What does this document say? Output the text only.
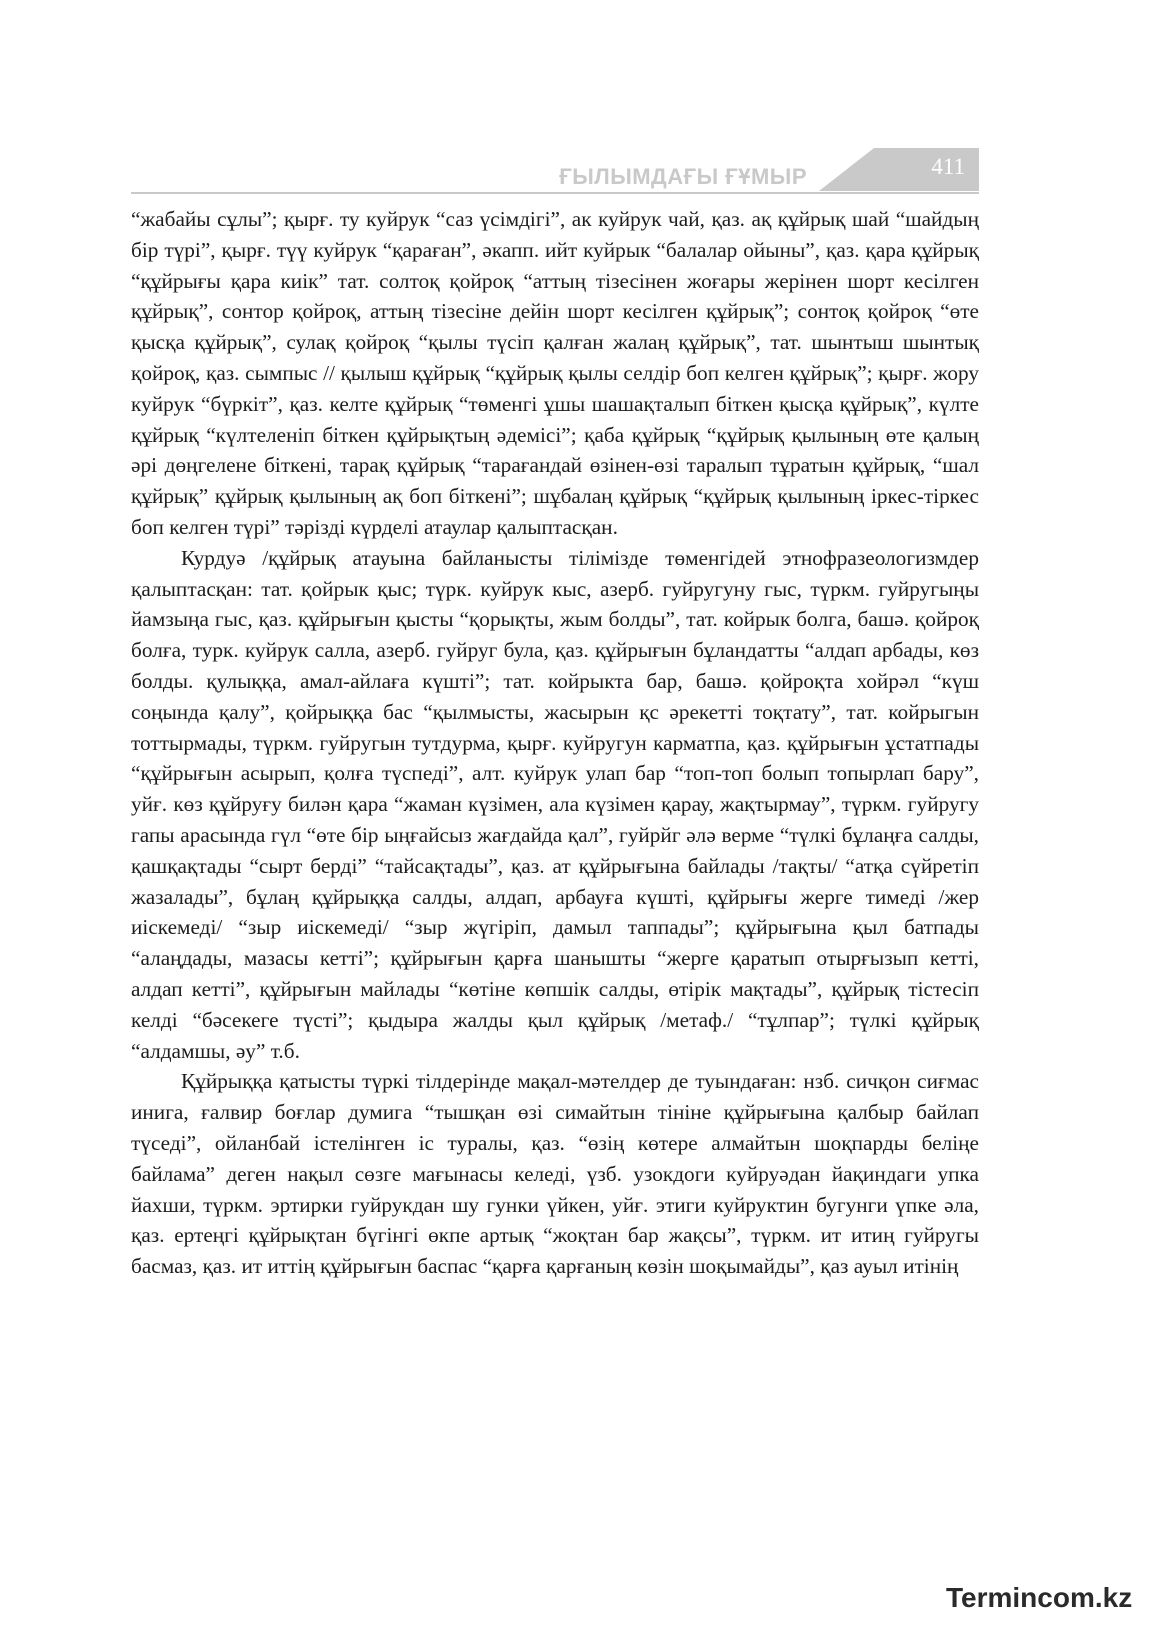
ҒЫЛЫМДАҒЫ ҒҰМЫР	411

“жабайы сұлы”; қырғ. ту куйрук “саз үсімдігі”, ак куйрук чай, қаз. ақ құйрық шай “шайдың бір түрі”, қырғ. түү куйрук “қараған”, әкапп. ийт куйрык “балалар ойыны”, қаз. қара құйрық “құйрығы қара киік” тат. солтоқ қойроқ “аттың тізесінен жоғары жерінен шорт кесілген құйрық”, сонтор қойроқ, аттың тізесіне дейін шорт кесілген құйрық”; сонтоқ қойроқ “өте қысқа құйрық”, сулақ қойроқ “қылы түсіп қалған жалаң құйрық”, тат. шынтыш шынтық қойроқ, қаз. сымпыс // қылыш құйрық “құйрық қылы селдір боп келген құйрық”; қырғ. жору куйрук “бүркіт”, қаз. келте құйрық “төменгі ұшы шашақталып біткен қысқа құйрық”, күлте құйрық “күлтеленіп біткен құйрықтың әдемісі”; қаба құйрық “құйрық қылының өте қалың әрі дөңгелене біткені, тарақ құйрық “тарағандай өзінен-өзі таралып тұратын құйрық, “шал құйрық” құйрық қылының ақ боп біткені”; шұбалаң құйрық “құйрық қылының іркес-тіркес боп келген түрі” тәрізді күрделі атаулар қалыптасқан.

Курдуә /құйрық атауына байланысты тілімізде төменгідей этнофразеологизмдер қалыптасқан: тат. қойрык қыс; түрк. куйрук кыс, азерб. гуйругуну гыс, түркм. гуйругыңы йамзыңа гыс, қаз. құйрығын қысты “қорықты, жым болды”, тат. койрык болга, башә. қойроқ болға, турк. куйрук салла, азерб. гуйруг була, қаз. құйрығын бұландатты “алдап арбады, көз болды. қулыққа, амал-айлаға күшті”; тат. койрыкта бар, башә. қойроқта хойрәл “күш соңында қалу”, қойрыққа бас “қылмысты, жасырын қс әрекетті тоқтату”, тат. койрыгын тоттырмады, түркм. гуйругын тутдурма, қырғ. куйругун карматпа, қаз. құйрығын ұстатпады “құйрығын асырып, қолға түспеді”, алт. куйрук улап бар “топ-топ болып топырлап бару”, уйғ. көз құйруғу билән қара “жаман күзімен, ала күзімен қарау, жақтырмау”, түркм. гуйругу гапы арасында гүл “өте бір ыңғайсыз жағдайда қал”, гуйрйг әлә верме “түлкі бұлаңға салды, қашқақтады “сырт берді” “тайсақтады”, қаз. ат құйрығына байлады /тақты/ “атқа сүйретіп жазалады”, бұлаң құйрыққа салды, алдап, арбауға күшті, құйрығы жерге тимеді /жер иіскемеді/ “зыр иіскемеді/ “зыр жүгіріп, дамыл таппады”; құйрығына қыл батпады “алаңдады, мазасы кетті”; құйрығын қарға шанышты “жерге қаратып отырғызып кетті, алдап кетті”, құйрығын майлады “көтіне көпшік салды, өтірік мақтады”, құйрық тістесіп келді “бәсекеге түсті”; қыдыра жалды қыл құйрық /метаф./ “тұлпар”; түлкі құйрық “алдамшы, әу” т.б.

Құйрыққа қатысты түркі тілдерінде мақал-мәтелдер де туындаған: нзб. сичқон сиғмас инига, ғалвир боғлар думига “тышқан өзі симайтын тініне құйрығына қалбыр байлап түседі”, ойланбай істелінген іс туралы, қаз. “өзің көтере алмайтын шоқпарды беліңе байлама” деген нақыл сөзге мағынасы келеді, үзб. узокдоги куйруәдан йақиндаги упка йахши, түркм. эртирки гуйрукдан шу гунки үйкен, уйғ. этиги куйруктин бугунги үпке әла, қаз. ертеңгі құйрықтан бүгінгі өкпе артық “жоқтан бар жақсы”, түркм. ит итиң гуйругы басмаз, қаз. ит иттің құйрығын баспас “қарға қарғаның көзін шоқымайды”, қаз ауыл итінің

Termincоm.kz
